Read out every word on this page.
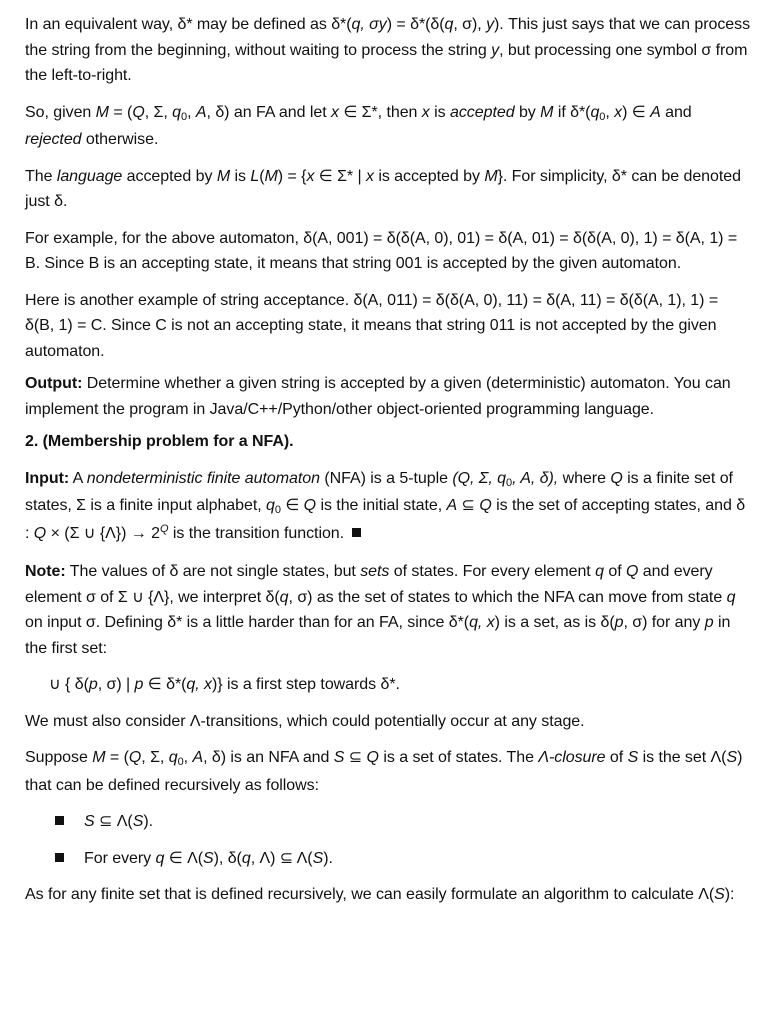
In an equivalent way, δ* may be defined as δ*(q, σy) = δ*(δ(q, σ), y). This just says that we can process the string from the beginning, without waiting to process the string y, but processing one symbol σ from the left-to-right.

So, given M = (Q, Σ, q0, A, δ) an FA and let x ∈ Σ*, then x is accepted by M if δ*(q0, x) ∈ A and rejected otherwise.

The language accepted by M is L(M) = {x ∈ Σ* | x is accepted by M}. For simplicity, δ* can be denoted just δ.

For example, for the above automaton, δ(A, 001) = δ(δ(A, 0), 01) = δ(A, 01) = δ(δ(A, 0), 1) = δ(A, 1) = B. Since B is an accepting state, it means that string 001 is accepted by the given automaton.

Here is another example of string acceptance. δ(A, 011) = δ(δ(A, 0), 11) = δ(A, 11) = δ(δ(A, 1), 1) = δ(B, 1) = C. Since C is not an accepting state, it means that string 011 is not accepted by the given automaton.

Output: Determine whether a given string is accepted by a given (deterministic) automaton. You can implement the program in Java/C++/Python/other object-oriented programming language.

2. (Membership problem for a NFA).

Input: A nondeterministic finite automaton (NFA) is a 5-tuple (Q, Σ, q0, A, δ), where Q is a finite set of states, Σ is a finite input alphabet, q0 ∈ Q is the initial state, A ⊆ Q is the set of accepting states, and δ : Q × (Σ ∪ $\{\Lambda\}) \to 2^Q$ is the transition function.

Note: The values of δ are not single states, but sets of states. For every element q of Q and every element σ of Σ ∪ {Λ}, we interpret δ(q, σ) as the set of states to which the NFA can move from state q on input σ. Defining δ* is a little harder than for an FA, since δ*(q, x) is a set, as is δ(p, σ) for any p in the first set:

∪ { δ(p, σ) | p ∈ δ*(q, x)} is a first step towards δ*.

We must also consider Λ-transitions, which could potentially occur at any stage.

Suppose M = (Q, Σ, q0, A, δ) is an NFA and S ⊆ Q is a set of states. The Λ-closure of S is the set Λ(S) that can be defined recursively as follows:

S ⊆ Λ(S).

For every q ∈ Λ(S), δ(q, Λ) ⊆ Λ(S).

As for any finite set that is defined recursively, we can easily formulate an algorithm to calculate Λ(S):
